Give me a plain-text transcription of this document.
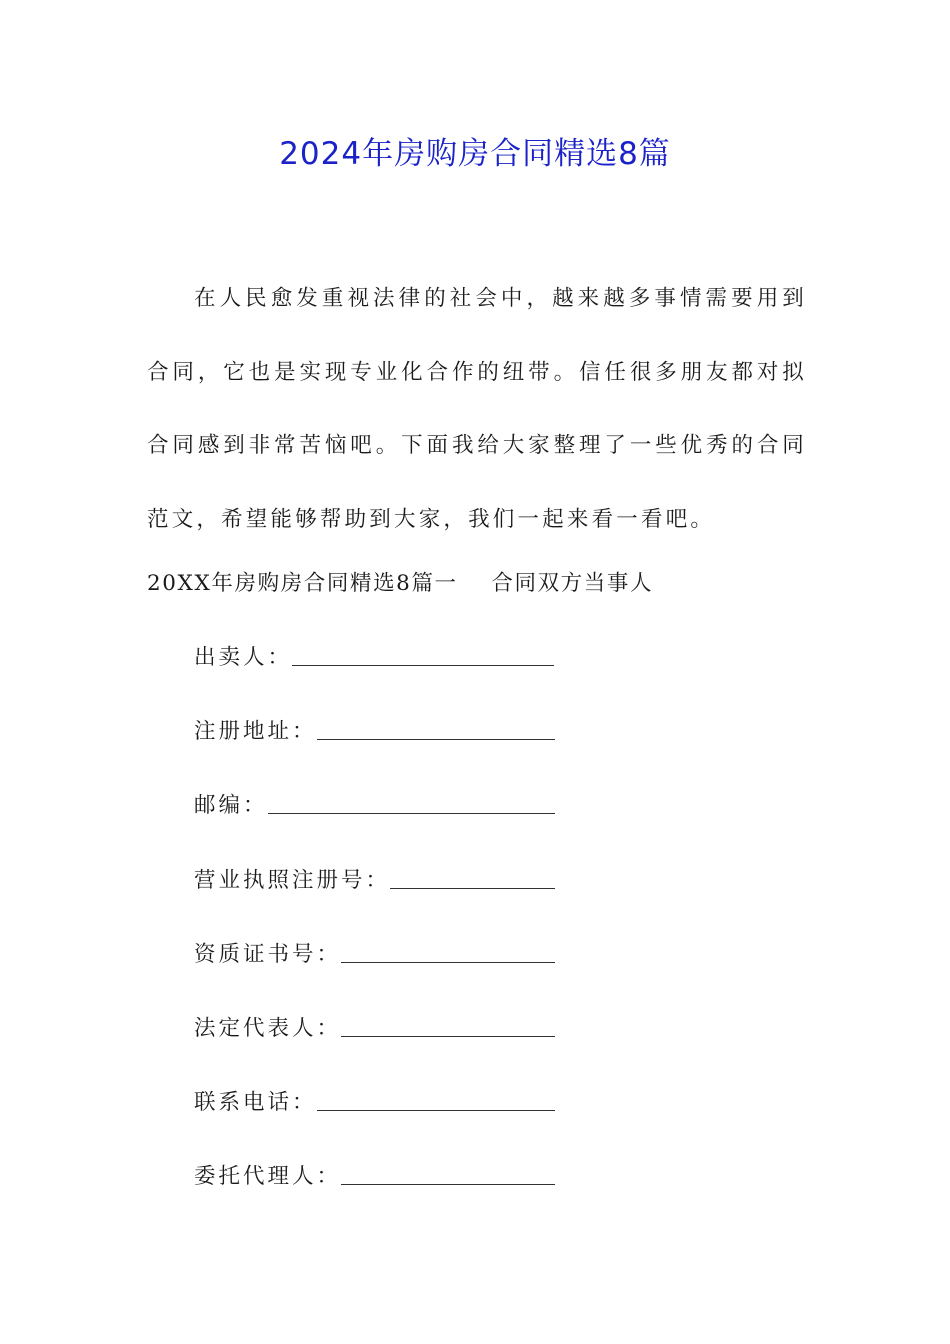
2024年房购房合同精选8篇

在人民愈发重视法律的社会中，越来越多事情需要用到合同，它也是实现专业化合作的纽带。信任很多朋友都对拟合同感到非常苦恼吧。下面我给大家整理了一些优秀的合同范文，希望能够帮助到大家，我们一起来看一看吧。

20XX年房购房合同精选8篇一    合同双方当事人

出卖人：
注册地址：
邮编：
营业执照注册号：
资质证书号：
法定代表人：
联系电话：
委托代理人：
